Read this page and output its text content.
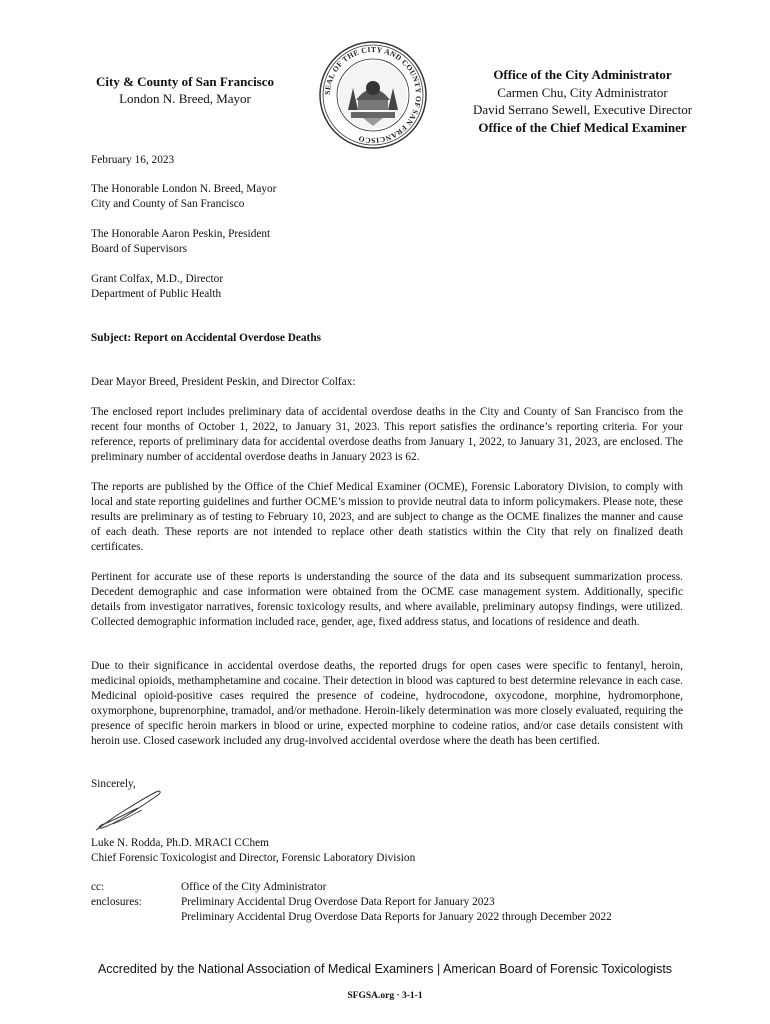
City & County of San Francisco
London N. Breed, Mayor	SEAL OF THE CITY AND COUNTY OF SAN FRANCISCO
Office of the City Administrator
Carmen Chu, City Administrator
David Serrano Sewell, Executive Director
Office of the Chief Medical Examiner
February 16, 2023
The Honorable London N. Breed, Mayor
City and County of San Francisco
The Honorable Aaron Peskin, President
Board of Supervisors
Grant Colfax, M.D., Director
Department of Public Health
Subject: Report on Accidental Overdose Deaths
Dear Mayor Breed, President Peskin, and Director Colfax:

The enclosed report includes preliminary data of accidental overdose deaths in the City and County of San Francisco from the recent four months of October 1, 2022, to January 31, 2023. This report satisfies the ordinance’s reporting criteria. For your reference, reports of preliminary data for accidental overdose deaths from January 1, 2022, to January 31, 2023, are enclosed. The preliminary number of accidental overdose deaths in January 2023 is 62.

The reports are published by the Office of the Chief Medical Examiner (OCME), Forensic Laboratory Division, to comply with local and state reporting guidelines and further OCME’s mission to provide neutral data to inform policymakers. Please note, these results are preliminary as of testing to February 10, 2023, and are subject to change as the OCME finalizes the manner and cause of each death. These reports are not intended to replace other death statistics within the City that rely on finalized death certificates.

Pertinent for accurate use of these reports is understanding the source of the data and its subsequent summarization process. Decedent demographic and case information were obtained from the OCME case management system. Additionally, specific details from investigator narratives, forensic toxicology results, and where available, preliminary autopsy findings, were utilized. Collected demographic information included race, gender, age, fixed address status, and locations of residence and death.

Due to their significance in accidental overdose deaths, the reported drugs for open cases were specific to fentanyl, heroin, medicinal opioids, methamphetamine and cocaine. Their detection in blood was captured to best determine relevance in each case. Medicinal opioid-positive cases required the presence of codeine, hydrocodone, oxycodone, morphine, hydromorphone, oxymorphone, buprenorphine, tramadol, and/or methadone. Heroin-likely determination was more closely evaluated, requiring the presence of specific heroin markers in blood or urine, expected morphine to codeine ratios, and/or case details consistent with heroin use. Closed casework included any drug-involved accidental overdose where the death has been certified.

Sincerely,
Luke N. Rodda, Ph.D. MRACI CChem
Chief Forensic Toxicologist and Director, Forensic Laboratory Division
cc:	Office of the City Administrator
enclosures:	Preliminary Accidental Drug Overdose Data Report for January 2023
Preliminary Accidental Drug Overdose Data Reports for January 2022 through December 2022
Accredited by the National Association of Medical Examiners | American Board of Forensic Toxicologists
SFGSA.org · 3-1-1
